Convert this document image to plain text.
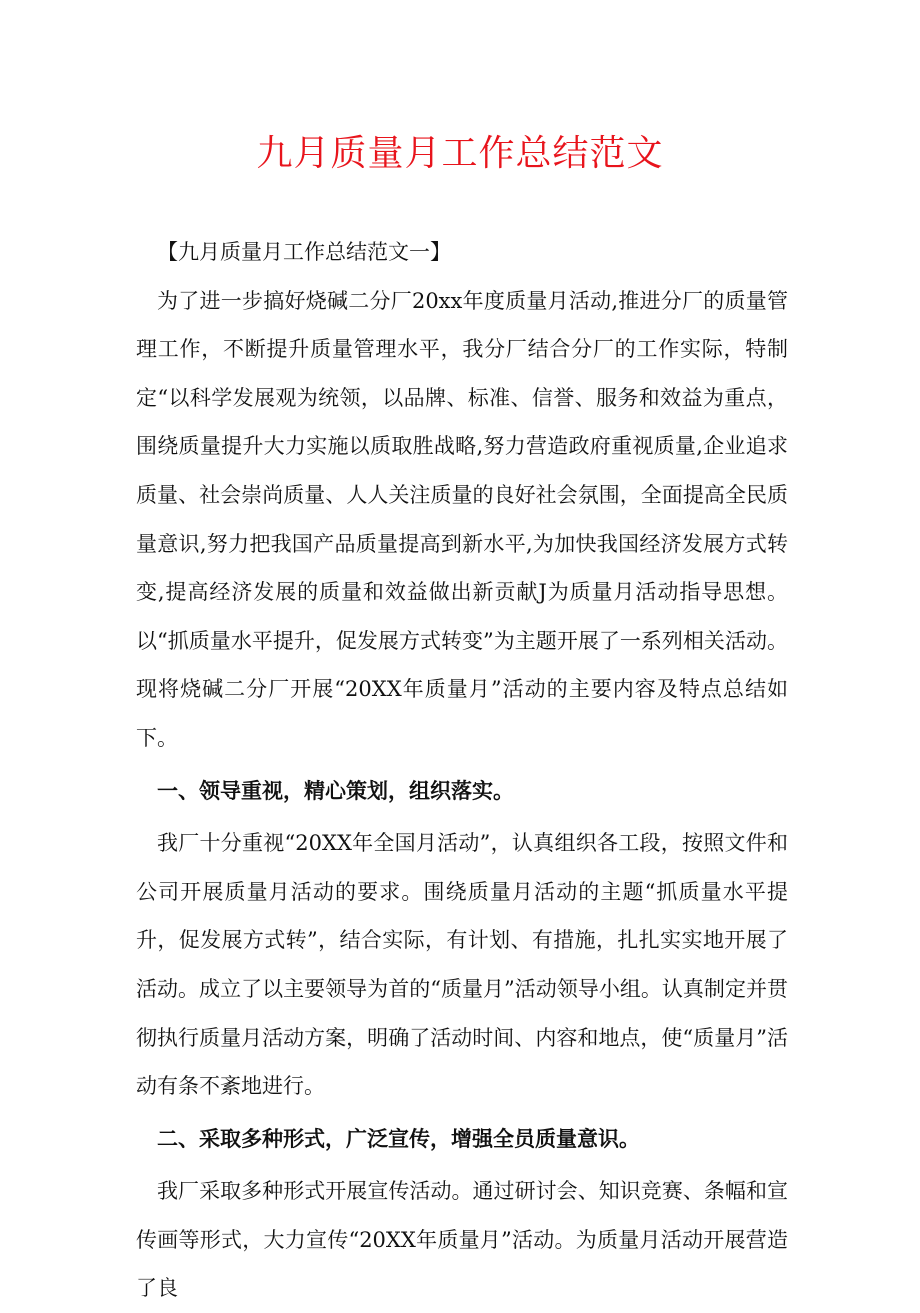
九月质量月工作总结范文

【九月质量月工作总结范文一】

为了进一步搞好烧碱二分厂20xx年度质量月活动,推进分厂的质量管理工作，不断提升质量管理水平，我分厂结合分厂的工作实际，特制定“以科学发展观为统领，以品牌、标准、信誉、服务和效益为重点，围绕质量提升大力实施以质取胜战略,努力营造政府重视质量,企业追求质量、社会崇尚质量、人人关注质量的良好社会氛围，全面提高全民质量意识,努力把我国产品质量提高到新水平,为加快我国经济发展方式转变,提高经济发展的质量和效益做出新贡献J为质量月活动指导思想。以“抓质量水平提升，促发展方式转变”为主题开展了一系列相关活动。现将烧碱二分厂开展“20XX年质量月”活动的主要内容及特点总结如下。

一、领导重视，精心策划，组织落实。

我厂十分重视“20XX年全国月活动”，认真组织各工段，按照文件和公司开展质量月活动的要求。围绕质量月活动的主题“抓质量水平提升，促发展方式转”，结合实际，有计划、有措施，扎扎实实地开展了活动。成立了以主要领导为首的“质量月”活动领导小组。认真制定并贯彻执行质量月活动方案，明确了活动时间、内容和地点，使“质量月”活动有条不紊地进行。

二、采取多种形式，广泛宣传，增强全员质量意识。

我厂采取多种形式开展宣传活动。通过研讨会、知识竞赛、条幅和宣传画等形式，大力宣传“20XX年质量月”活动。为质量月活动开展营造了良
